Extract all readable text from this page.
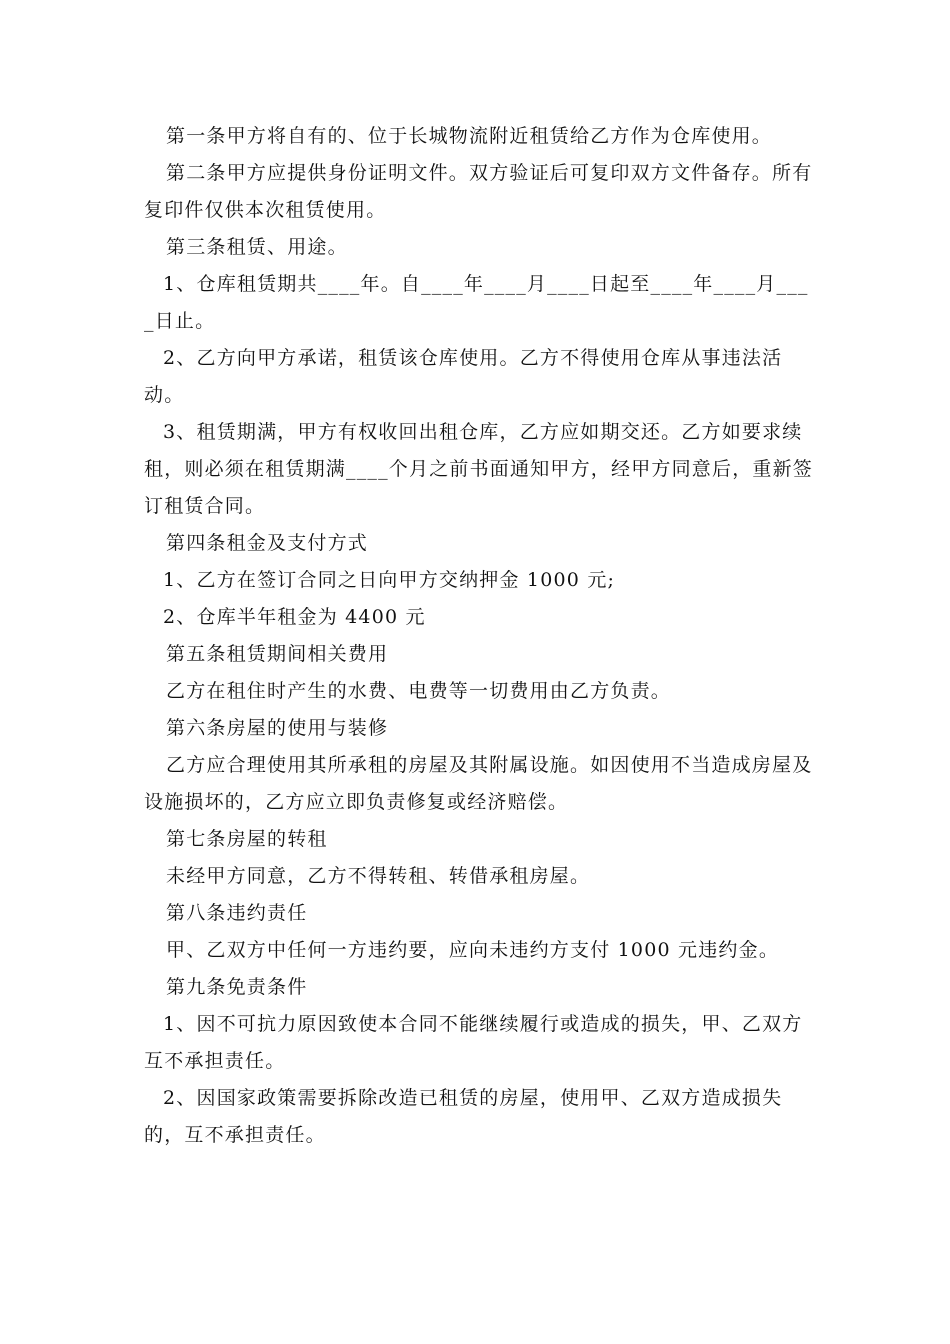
第一条甲方将自有的、位于长城物流附近租赁给乙方作为仓库使用。

第二条甲方应提供身份证明文件。双方验证后可复印双方文件备存。所有复印件仅供本次租赁使用。

第三条租赁、用途。

1、仓库租赁期共____年。自____年____月____日起至____年____月____日止。

2、乙方向甲方承诺，租赁该仓库使用。乙方不得使用仓库从事违法活动。

3、租赁期满，甲方有权收回出租仓库，乙方应如期交还。乙方如要求续租，则必须在租赁期满____个月之前书面通知甲方，经甲方同意后，重新签订租赁合同。

第四条租金及支付方式

1、乙方在签订合同之日向甲方交纳押金 1000 元;

2、仓库半年租金为 4400 元

第五条租赁期间相关费用

乙方在租住时产生的水费、电费等一切费用由乙方负责。

第六条房屋的使用与装修

乙方应合理使用其所承租的房屋及其附属设施。如因使用不当造成房屋及设施损坏的，乙方应立即负责修复或经济赔偿。

第七条房屋的转租

未经甲方同意，乙方不得转租、转借承租房屋。

第八条违约责任

甲、乙双方中任何一方违约要，应向未违约方支付 1000 元违约金。

第九条免责条件

1、因不可抗力原因致使本合同不能继续履行或造成的损失，甲、乙双方互不承担责任。

2、因国家政策需要拆除改造已租赁的房屋，使用甲、乙双方造成损失的，互不承担责任。
